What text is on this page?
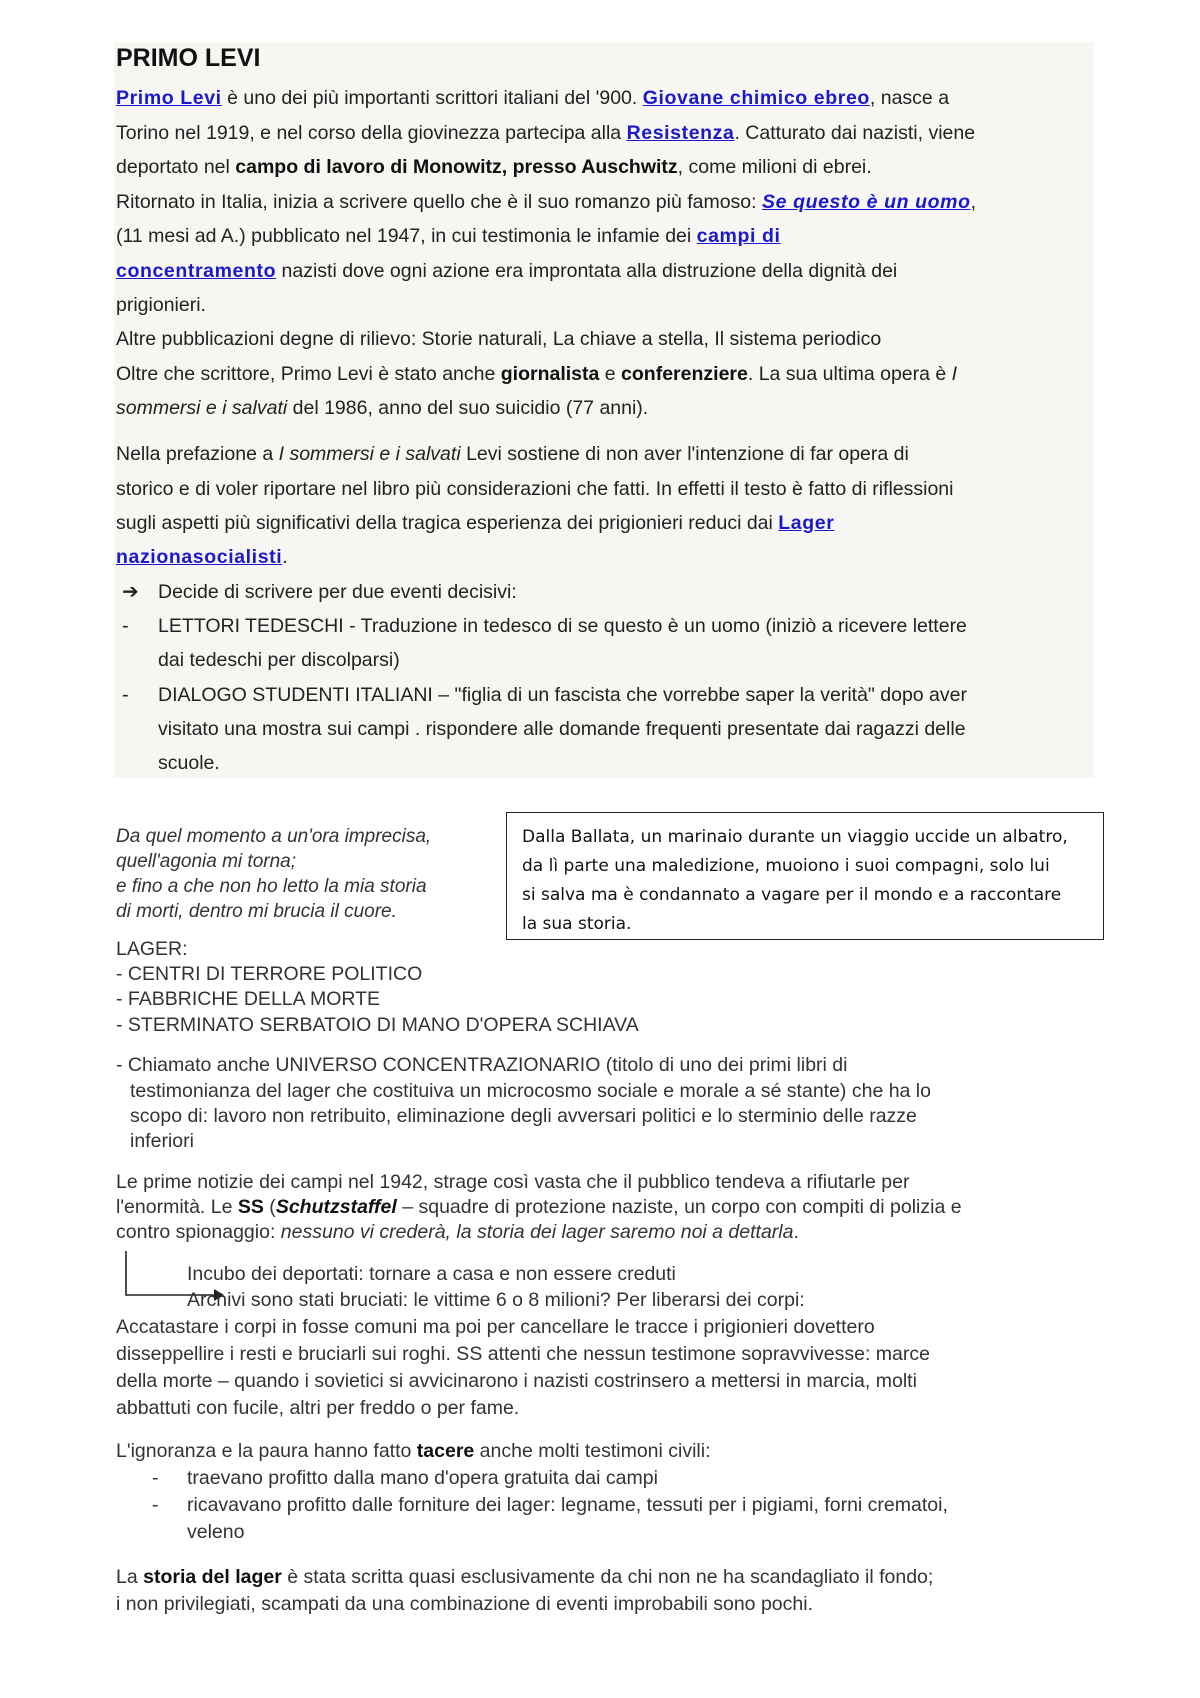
PRIMO LEVI
Primo Levi è uno dei più importanti scrittori italiani del '900. Giovane chimico ebreo, nasce a
Torino nel 1919, e nel corso della giovinezza partecipa alla Resistenza. Catturato dai nazisti, viene
deportato nel campo di lavoro di Monowitz, presso Auschwitz, come milioni di ebrei.
Ritornato in Italia, inizia a scrivere quello che è il suo romanzo più famoso: Se questo è un uomo,
(11 mesi ad A.) pubblicato nel 1947, in cui testimonia le infamie dei campi di
concentramento nazisti dove ogni azione era improntata alla distruzione della dignità dei
prigionieri.
Altre pubblicazioni degne di rilievo: Storie naturali, La chiave a stella, Il sistema periodico
Oltre che scrittore, Primo Levi è stato anche giornalista e conferenziere. La sua ultima opera è I
sommersi e i salvati del 1986, anno del suo suicidio (77 anni).
Nella prefazione a I sommersi e i salvati Levi sostiene di non aver l'intenzione di far opera di
storico e di voler riportare nel libro più considerazioni che fatti. In effetti il testo è fatto di riflessioni
sugli aspetti più significativi della tragica esperienza dei prigionieri reduci dai Lager
nazionasocialisti.
➔ Decide di scrivere per due eventi decisivi:
- LETTORI TEDESCHI - Traduzione in tedesco di se questo è un uomo (iniziò a ricevere lettere
dai tedeschi per discolparsi)
- DIALOGO STUDENTI ITALIANI – "figlia di un fascista che vorrebbe saper la verità" dopo aver
visitato una mostra sui campi . rispondere alle domande frequenti presentate dai ragazzi delle
scuole.
Da quel momento a un'ora imprecisa,
quell'agonia mi torna;
e fino a che non ho letto la mia storia
di morti, dentro mi brucia il cuore.
Dalla Ballata, un marinaio durante un viaggio uccide un albatro,
da lì parte una maledizione, muoiono i suoi compagni, solo lui
si salva ma è condannato a vagare per il mondo e a raccontare
la sua storia.
LAGER:
- CENTRI DI TERRORE POLITICO
- FABBRICHE DELLA MORTE
- STERMINATO SERBATOIO DI MANO D'OPERA SCHIAVA
- Chiamato anche UNIVERSO CONCENTRAZIONARIO (titolo di uno dei primi libri di
testimonianza del lager che costituiva un microcosmo sociale e morale a sé stante) che ha lo
scopo di: lavoro non retribuito, eliminazione degli avversari politici e lo sterminio delle razze
inferiori
Le prime notizie dei campi nel 1942, strage così vasta che il pubblico tendeva a rifiutarle per
l'enormità. Le SS (Schutzstaffel – squadre di protezione naziste, un corpo con compiti di polizia e
contro spionaggio: nessuno vi crederà, la storia dei lager saremo noi a dettarla.
Incubo dei deportati: tornare a casa e non essere creduti
Archivi sono stati bruciati: le vittime 6 o 8 milioni? Per liberarsi dei corpi:
Accatastare i corpi in fosse comuni ma poi per cancellare le tracce i prigionieri dovettero
disseppellire i resti e bruciarli sui roghi. SS attenti che nessun testimone sopravvivesse: marce
della morte – quando i sovietici si avvicinarono i nazisti costrinsero a mettersi in marcia, molti
abbattuti con fucile, altri per freddo o per fame.
L'ignoranza e la paura hanno fatto tacere anche molti testimoni civili:
- traevano profitto dalla mano d'opera gratuita dai campi
- ricavavano profitto dalle forniture dei lager: legname, tessuti per i pigiami, forni crematoi,
veleno
La storia del lager è stata scritta quasi esclusivamente da chi non ne ha scandagliato il fondo;
i non privilegiati, scampati da una combinazione di eventi improbabili sono pochi.
